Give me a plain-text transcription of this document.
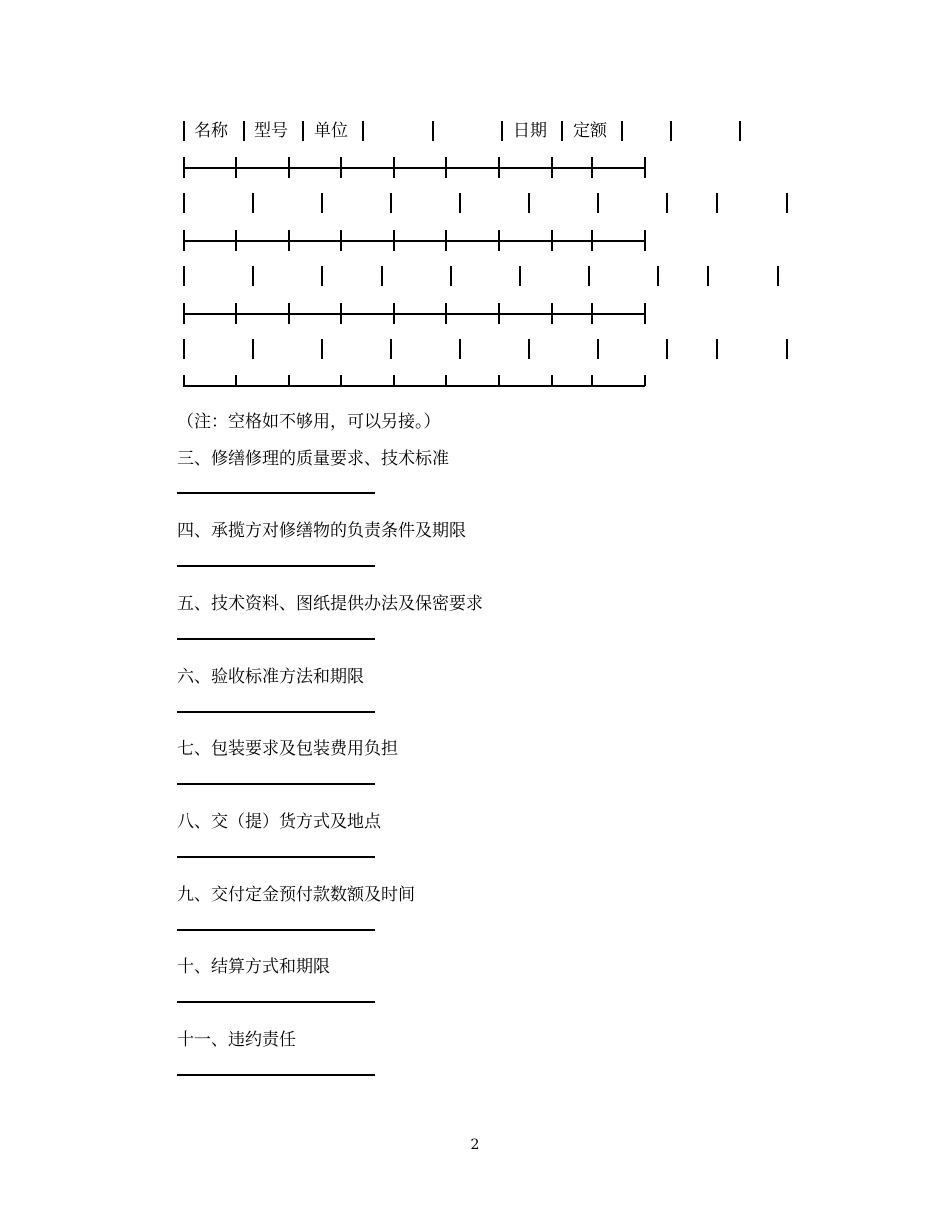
名称 型号 单位	日期 定额
（注：空格如不够用，可以另接。）
三、修缮修理的质量要求、技术标准
四、承揽方对修缮物的负责条件及期限
五、技术资料、图纸提供办法及保密要求
六、验收标准方法和期限
七、包装要求及包装费用负担
八、交（提）货方式及地点
九、交付定金预付款数额及时间
十、结算方式和期限
十一、违约责任
2
